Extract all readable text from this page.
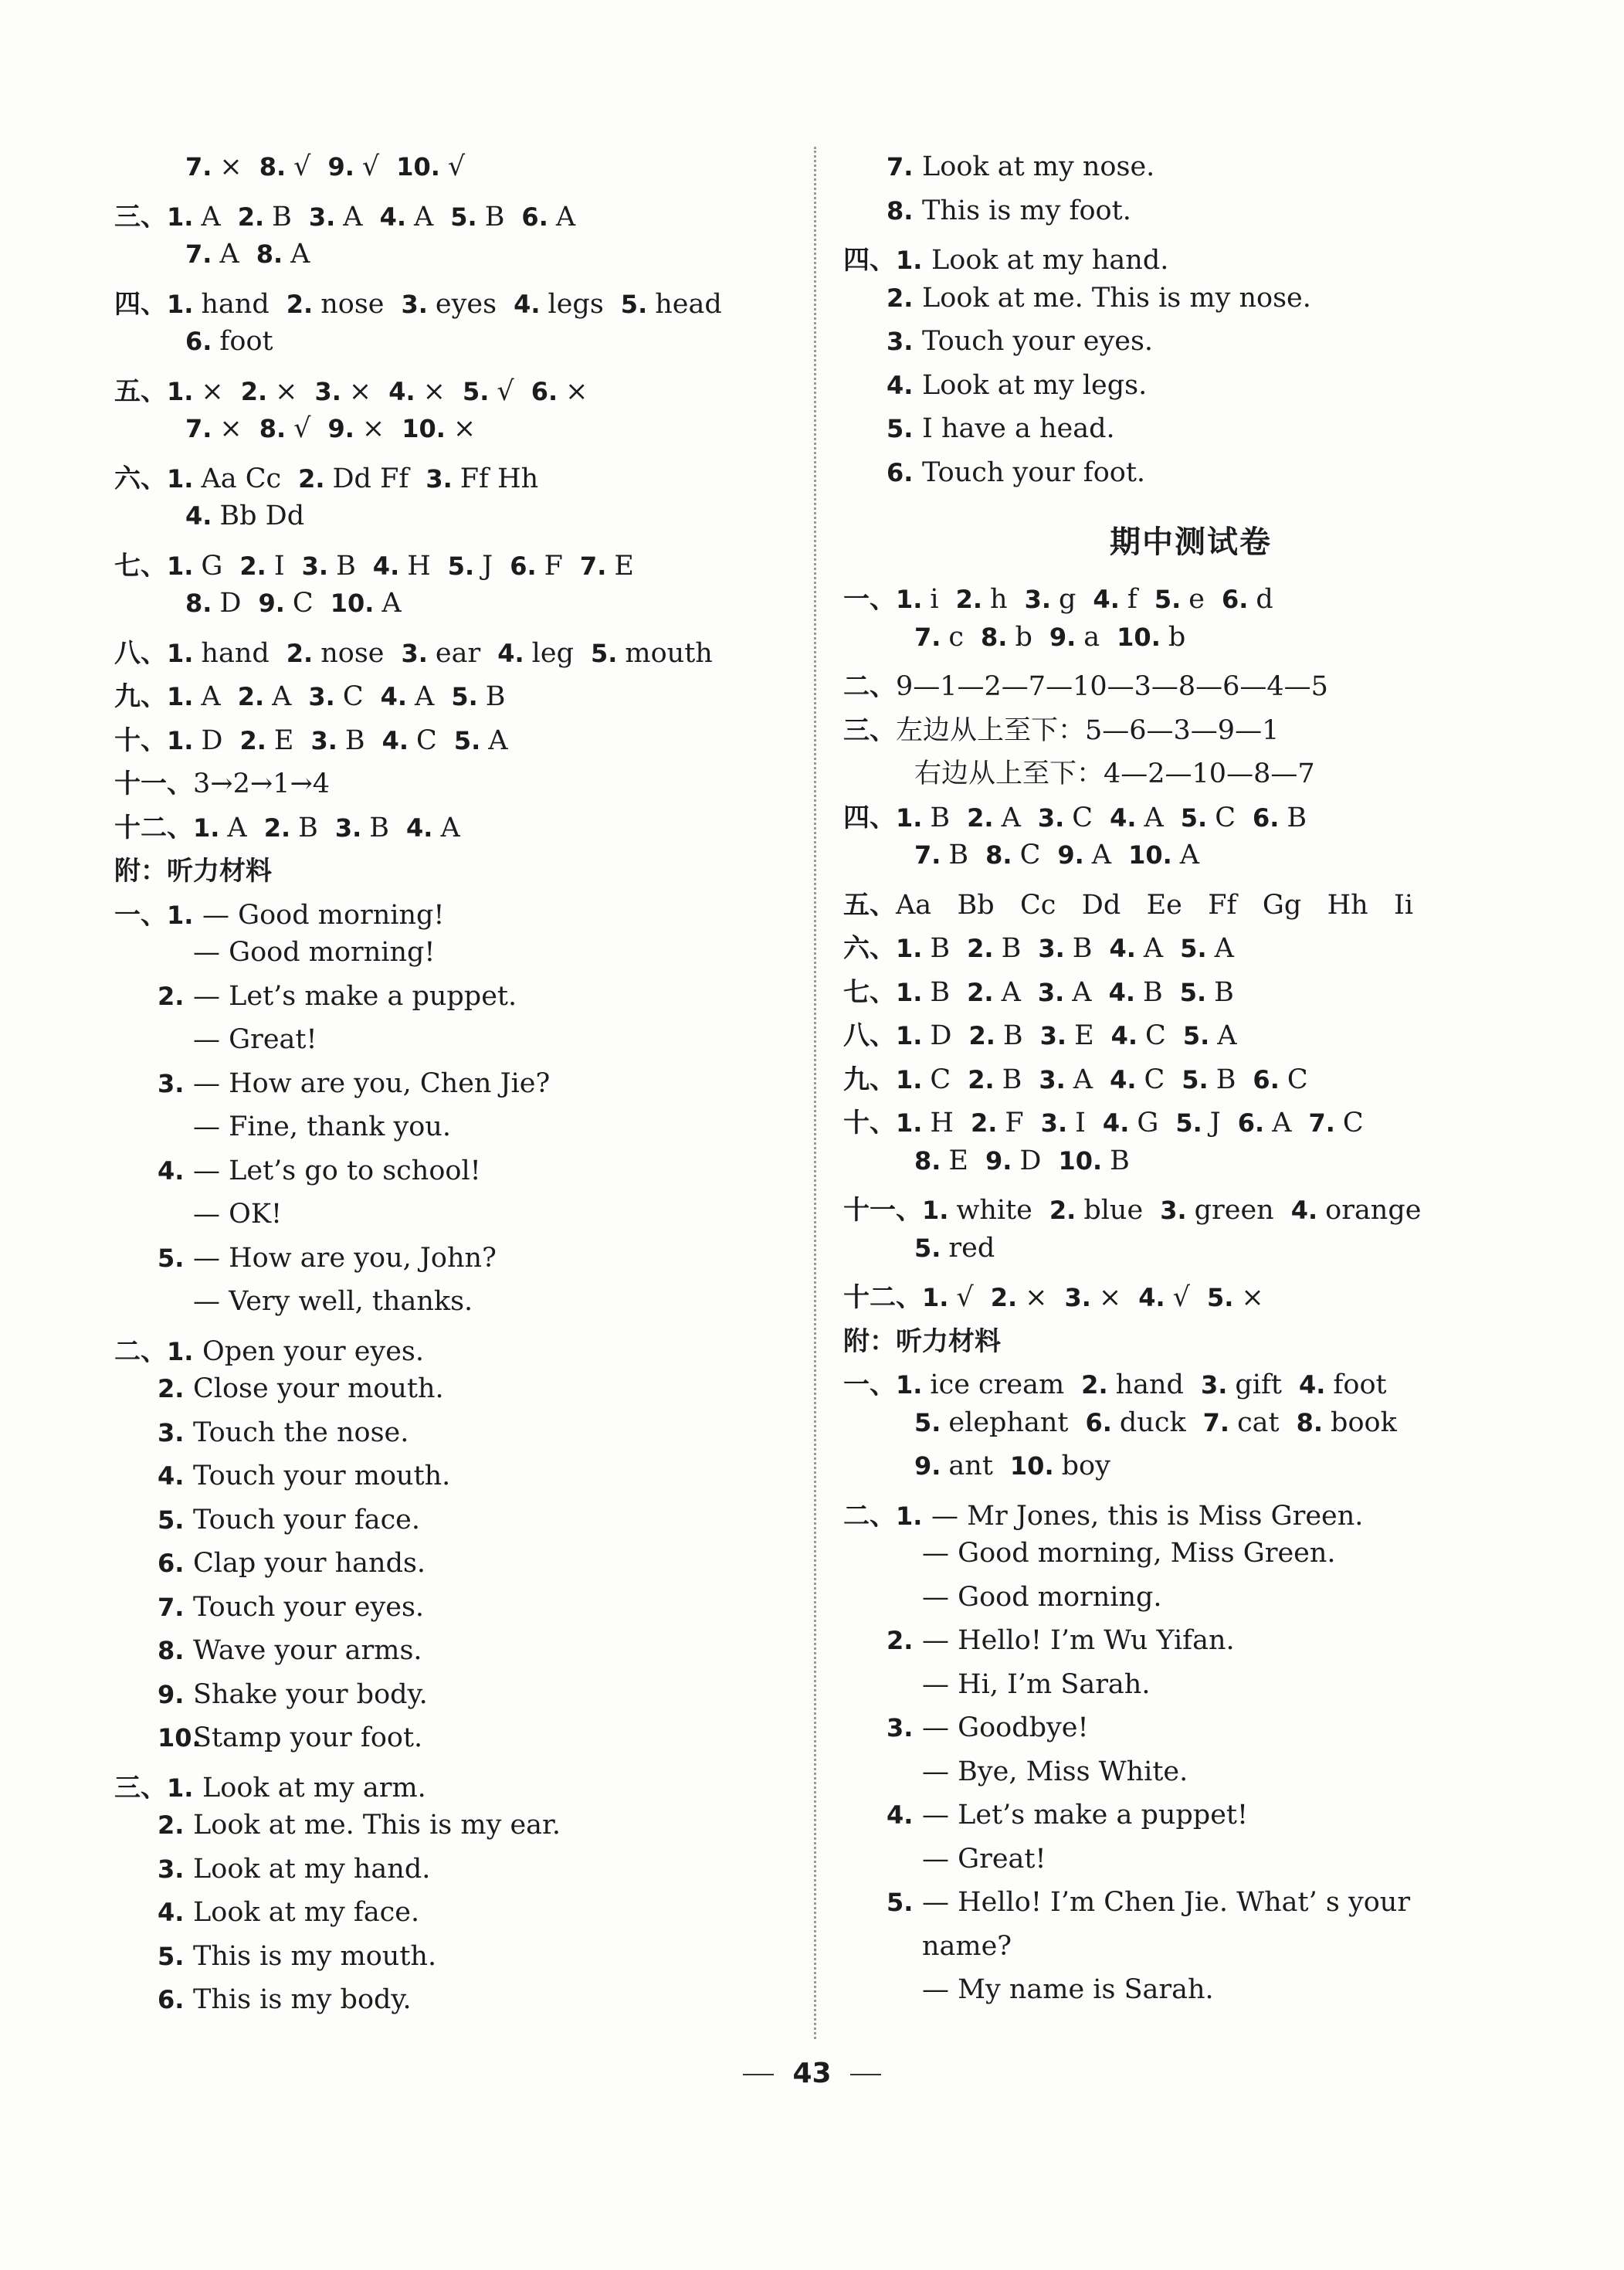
7. × 8. √ 9. √ 10. √
三、 1. A 2. B 3. A 4. A 5. B 6. A
7. A 8. A
四、 1. hand 2. nose 3. eyes 4. legs 5. head
6. foot
五、 1. × 2. × 3. × 4. × 5. √ 6. ×
7. × 8. √ 9. × 10. ×
六、 1. Aa Cc 2. Dd Ff 3. Ff Hh
4. Bb Dd
七、 1. G 2. I 3. B 4. H 5. J 6. F 7. E
8. D 9. C 10. A
八、 1. hand 2. nose 3. ear 4. leg 5. mouth
九、 1. A 2. A 3. C 4. A 5. B
十、 1. D 2. E 3. B 4. C 5. A
十一、 3→2→1→4
十二、 1. A 2. B 3. B 4. A
附：听力材料
一、 1. — Good morning!
— Good morning!
2. — Let’s make a puppet.
— Great!
3. — How are you, Chen Jie?
— Fine, thank you.
4. — Let’s go to school!
— OK!
5. — How are you, John?
— Very well, thanks.
二、 1. Open your eyes.
2. Close your mouth.
3. Touch the nose.
4. Touch your mouth.
5. Touch your face.
6. Clap your hands.
7. Touch your eyes.
8. Wave your arms.
9. Shake your body.
10.
Stamp your foot.
三、 1. Look at my arm.
2. Look at me. This is my ear.
3. Look at my hand.
4. Look at my face.
5. This is my mouth.
6. This is my body.
7. Look at my nose.
8. This is my foot.
四、 1. Look at my hand.
2. Look at me. This is my nose.
3. Touch your eyes.
4. Look at my legs.
5. I have a head.
6. Touch your foot.
期中测试卷
一、 1. i 2. h 3. g 4. f 5. e 6. d
7. c 8. b 9. a 10. b
二、 9—1—2—7—10—3—8—6—4—5
三、 左边从上至下：5—6—3—9—1
右边从上至下：4—2—10—8—7
四、 1. B 2. A 3. C 4. A 5. C 6. B
7. B 8. C 9. A 10. A
五、 Aa   Bb   Cc   Dd   Ee   Ff   Gg   Hh   Ii
六、 1. B 2. B 3. B 4. A 5. A
七、 1. B 2. A 3. A 4. B 5. B
八、 1. D 2. B 3. E 4. C 5. A
九、 1. C 2. B 3. A 4. C 5. B 6. C
十、 1. H 2. F 3. I 4. G 5. J 6. A 7. C
8. E 9. D 10. B
十一、 1. white 2. blue 3. green 4. orange
5. red
十二、 1. √ 2. × 3. × 4. √ 5. ×
附：听力材料
一、 1. ice cream 2. hand 3. gift 4. foot
5. elephant 6. duck 7. cat 8. book
9. ant 10. boy
二、 1. — Mr Jones, this is Miss Green.
— Good morning, Miss Green.
— Good morning.
2. — Hello! I’m Wu Yifan.
— Hi, I’m Sarah.
3. — Goodbye!
— Bye, Miss White.
4. — Let’s make a puppet!
— Great!
5. — Hello! I’m Chen Jie. What’ s your
name?
— My name is Sarah.
43
